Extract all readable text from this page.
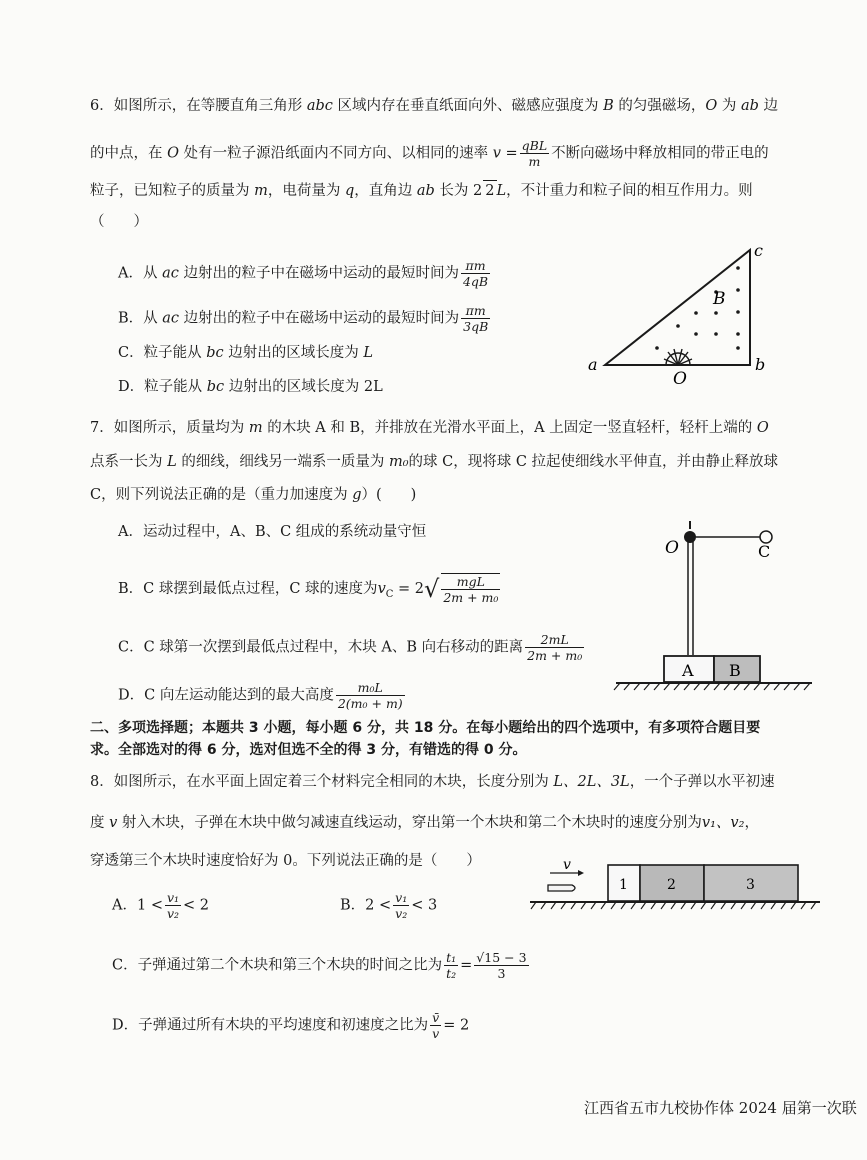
6．如图所示，在等腰直角三角形 abc 区域内存在垂直纸面向外、磁感应强度为 B 的匀强磁场，O 为 ab 边
的中点，在 O 处有一粒子源沿纸面内不同方向、以相同的速率 $v = \frac{\text{qBL}}{m}$ 不断向磁场中释放相同的带正电的
粒子，已知粒子的质量为 m，电荷量为 q，直角边 ab 长为 2 2 L，不计重力和粒子间的相互作用力。则
（　　）
A．从 ac 边射出的粒子中在磁场中运动的最短时间为 $\frac{\pi m}{4qB}$
B．从 ac 边射出的粒子中在磁场中运动的最短时间为 $\frac{\pi m}{3qB}$
C．粒子能从 bc 边射出的区域长度为 L
D．粒子能从 bc 边射出的区域长度为 2L
a	b
c
B
O
7．如图所示，质量均为 m 的木块 A 和 B，并排放在光滑水平面上，A 上固定一竖直轻杆，轻杆上端的 O
点系一长为 L 的细线，细线另一端系一质量为 m₀的球 C，现将球 C 拉起使细线水平伸直，并由静止释放球
C，则下列说法正确的是（重力加速度为 g）(　　)
A．运动过程中，A、B、C 组成的系统动量守恒
B．C 球摆到最低点过程，C 球的速度为$v_C = 2√ \frac{\text{mgL}}{\text{2m + m₀}}$
C．C 球第一次摆到最低点过程中，木块 A、B 向右移动的距离 $\frac{2mL}{\text{2m + m₀}}$
D．C 向左运动能达到的最大高度 $\frac{\text{m₀L}}{\text{2(m₀ + m)}}$
O	C
A B
二、多项选择题；本题共 3 小题，每小题 6 分，共 18 分。在每小题给出的四个选项中，有多项符合题目要
求。全部选对的得 6 分，选对但选不全的得 3 分，有错选的得 0 分。
8．如图所示，在水平面上固定着三个材料完全相同的木块，长度分别为 L、2L、3L，一个子弹以水平初速
度 v 射入木块，子弹在木块中做匀减速直线运动，穿出第一个木块和第二个木块时的速度分别为v₁、v₂，
穿透第三个木块时速度恰好为 0。下列说法正确的是（　　）
A．$1 < \frac{\text{v₁}}{\text{v₂}} < 2$	B．$2 < \frac{\text{v₁}}{\text{v₂}} < 3$
C．子弹通过第二个木块和第三个木块的时间之比为 $\frac{\text{t₁}}{\text{t₂}} = \frac{√15 - 3}{3}$
D．子弹通过所有木块的平均速度和初速度之比为 $\frac{v̄}{v} = 2$
v
1	2	3
江西省五市九校协作体 2024 届第一次联
